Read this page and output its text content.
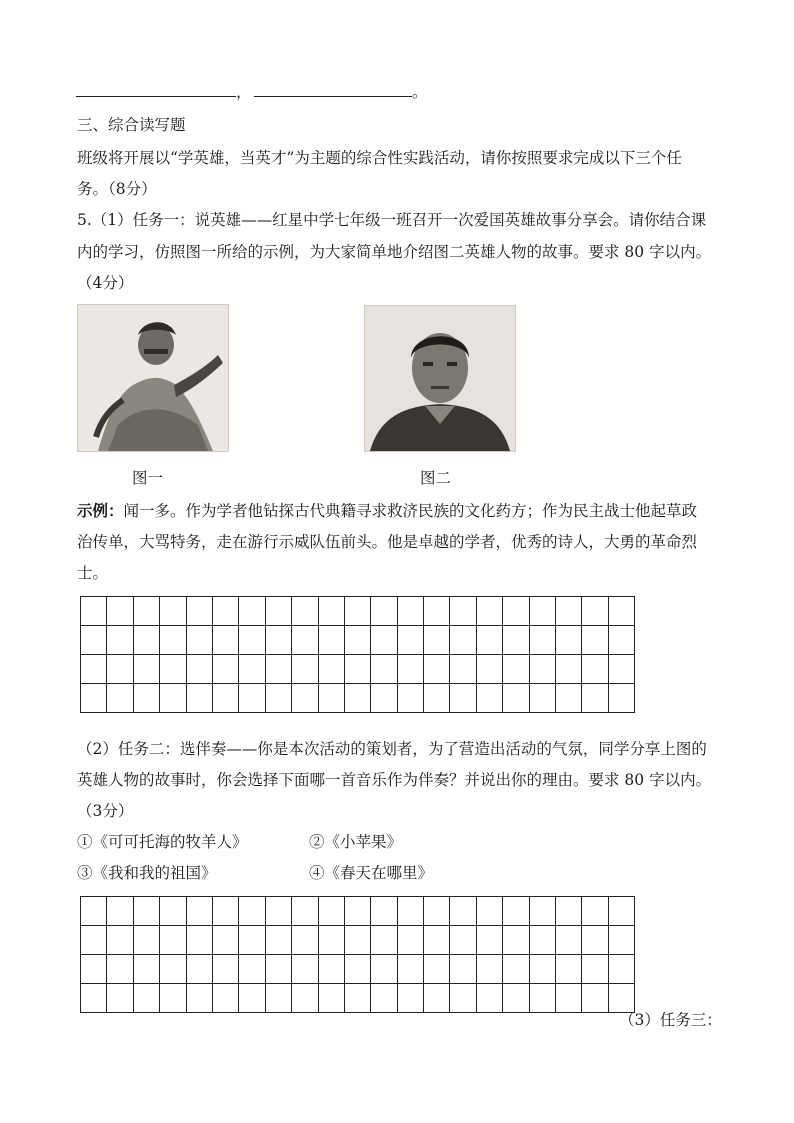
，	。
三、综合读写题
班级将开展以“学英雄，当英才”为主题的综合性实践活动，请你按照要求完成以下三个任
务。（8分）
5.（1）任务一：说英雄——红星中学七年级一班召开一次爱国英雄故事分享会。请你结合课
内的学习，仿照图一所给的示例，为大家简单地介绍图二英雄人物的故事。要求 80 字以内。
（4分）
图一	图二
示例：闻一多。作为学者他钻探古代典籍寻求救济民族的文化药方；作为民主战士他起草政
治传单，大骂特务，走在游行示威队伍前头。他是卓越的学者，优秀的诗人，大勇的革命烈
士。

（2）任务二：选伴奏——你是本次活动的策划者，为了营造出活动的气氛，同学分享上图的
英雄人物的故事时，你会选择下面哪一首音乐作为伴奏？并说出你的理由。要求 80 字以内。
（3分）
①《可可托海的牧羊人》	②《小苹果》
③《我和我的祖国》	④《春天在哪里》

（3）任务三：
